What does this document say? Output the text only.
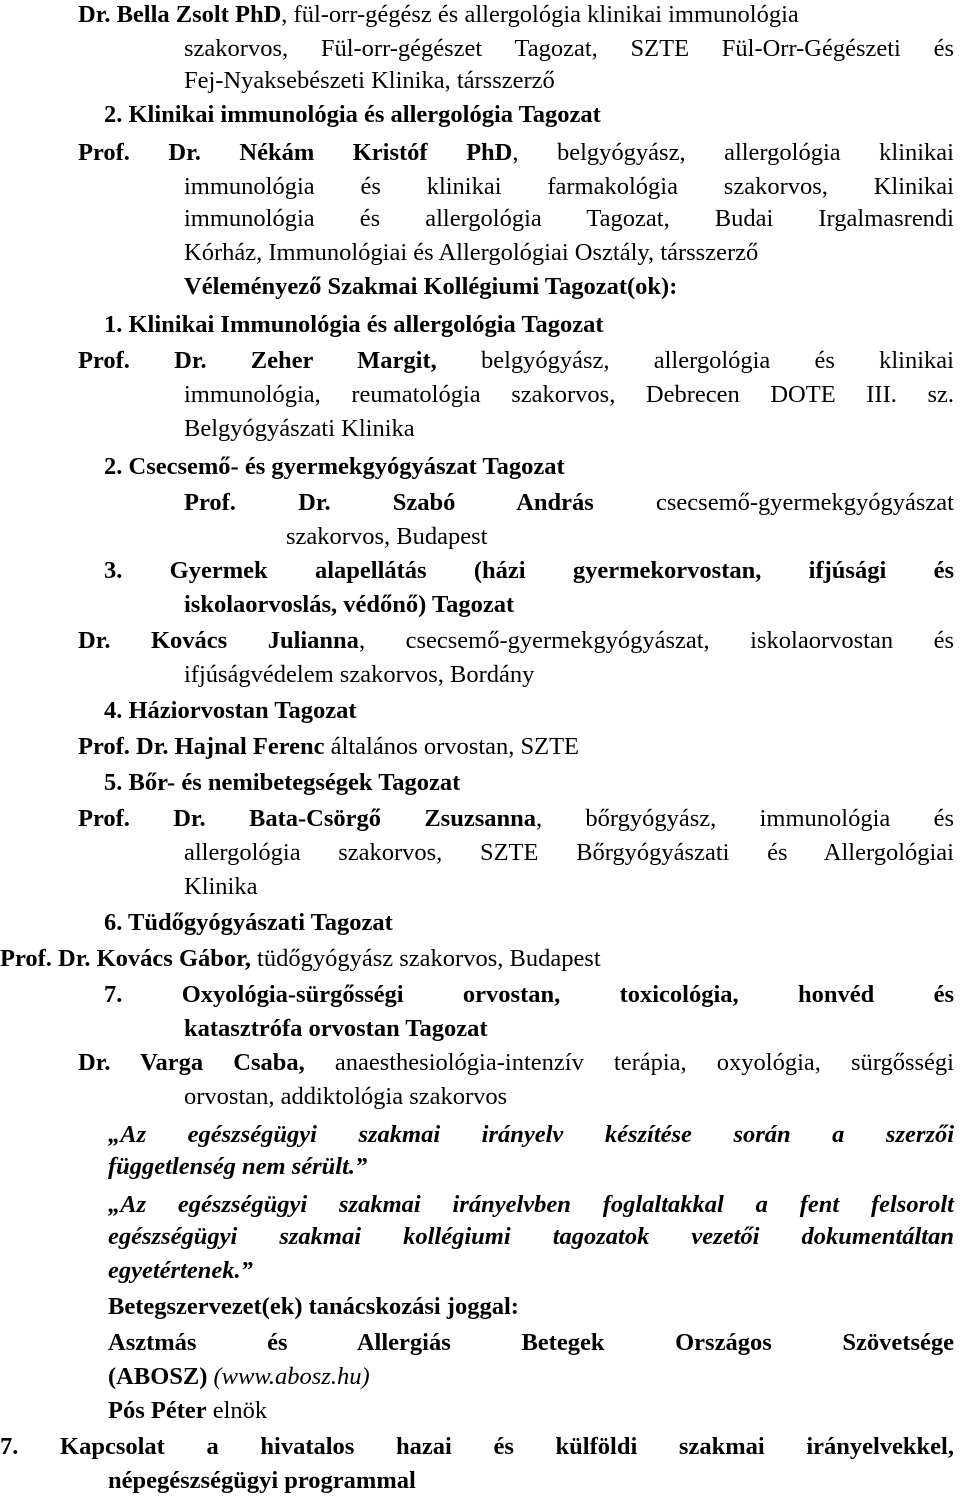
Dr. Bella Zsolt PhD, fül-orr-gégész és allergológia klinikai immunológia
szakorvos, Fül-orr-gégészet Tagozat, SZTE Fül-Orr-Gégészeti és
Fej-Nyaksebészeti Klinika, társszerző
2. Klinikai immunológia és allergológia Tagozat
Prof. Dr. Nékám Kristóf PhD, belgyógyász, allergológia klinikai
immunológia és klinikai farmakológia szakorvos, Klinikai
immunológia és allergológia Tagozat, Budai Irgalmasrendi
Kórház, Immunológiai és Allergológiai Osztály, társszerző
Véleményező Szakmai Kollégiumi Tagozat(ok):
1. Klinikai Immunológia és allergológia Tagozat
Prof. Dr. Zeher Margit, belgyógyász, allergológia és klinikai
immunológia, reumatológia szakorvos, Debrecen DOTE III. sz.
Belgyógyászati Klinika
2. Csecsemő- és gyermekgyógyászat Tagozat
Prof. Dr. Szabó András csecsemő-gyermekgyógyászat
szakorvos, Budapest
3. Gyermek alapellátás (házi gyermekorvostan, ifjúsági és
iskolaorvoslás, védőnő) Tagozat
Dr. Kovács Julianna, csecsemő-gyermekgyógyászat, iskolaorvostan és
ifjúságvédelem szakorvos, Bordány
4. Háziorvostan Tagozat
Prof. Dr. Hajnal Ferenc általános orvostan, SZTE
5. Bőr- és nemibetegségek Tagozat
Prof. Dr. Bata-Csörgő Zsuzsanna, bőrgyógyász, immunológia és
allergológia szakorvos, SZTE Bőrgyógyászati és Allergológiai
Klinika
6. Tüdőgyógyászati Tagozat
Prof. Dr. Kovács Gábor, tüdőgyógyász szakorvos, Budapest
7. Oxyológia-sürgősségi orvostan, toxicológia, honvéd és
katasztrófa orvostan Tagozat
Dr. Varga Csaba, anaesthesiológia-intenzív terápia, oxyológia, sürgősségi
orvostan, addiktológia szakorvos
„Az egészségügyi szakmai irányelv készítése során a szerzői
függetlenség nem sérült.”
„Az egészségügyi szakmai irányelvben foglaltakkal a fent felsorolt
egészségügyi szakmai kollégiumi tagozatok vezetői dokumentáltan
egyetértenek.”
Betegszervezet(ek) tanácskozási joggal:
Asztmás és Allergiás Betegek Országos Szövetsége
(ABOSZ) (www.abosz.hu)
Pós Péter elnök
7. Kapcsolat a hivatalos hazai és külföldi szakmai irányelvekkel,
népegészségügyi programmal
